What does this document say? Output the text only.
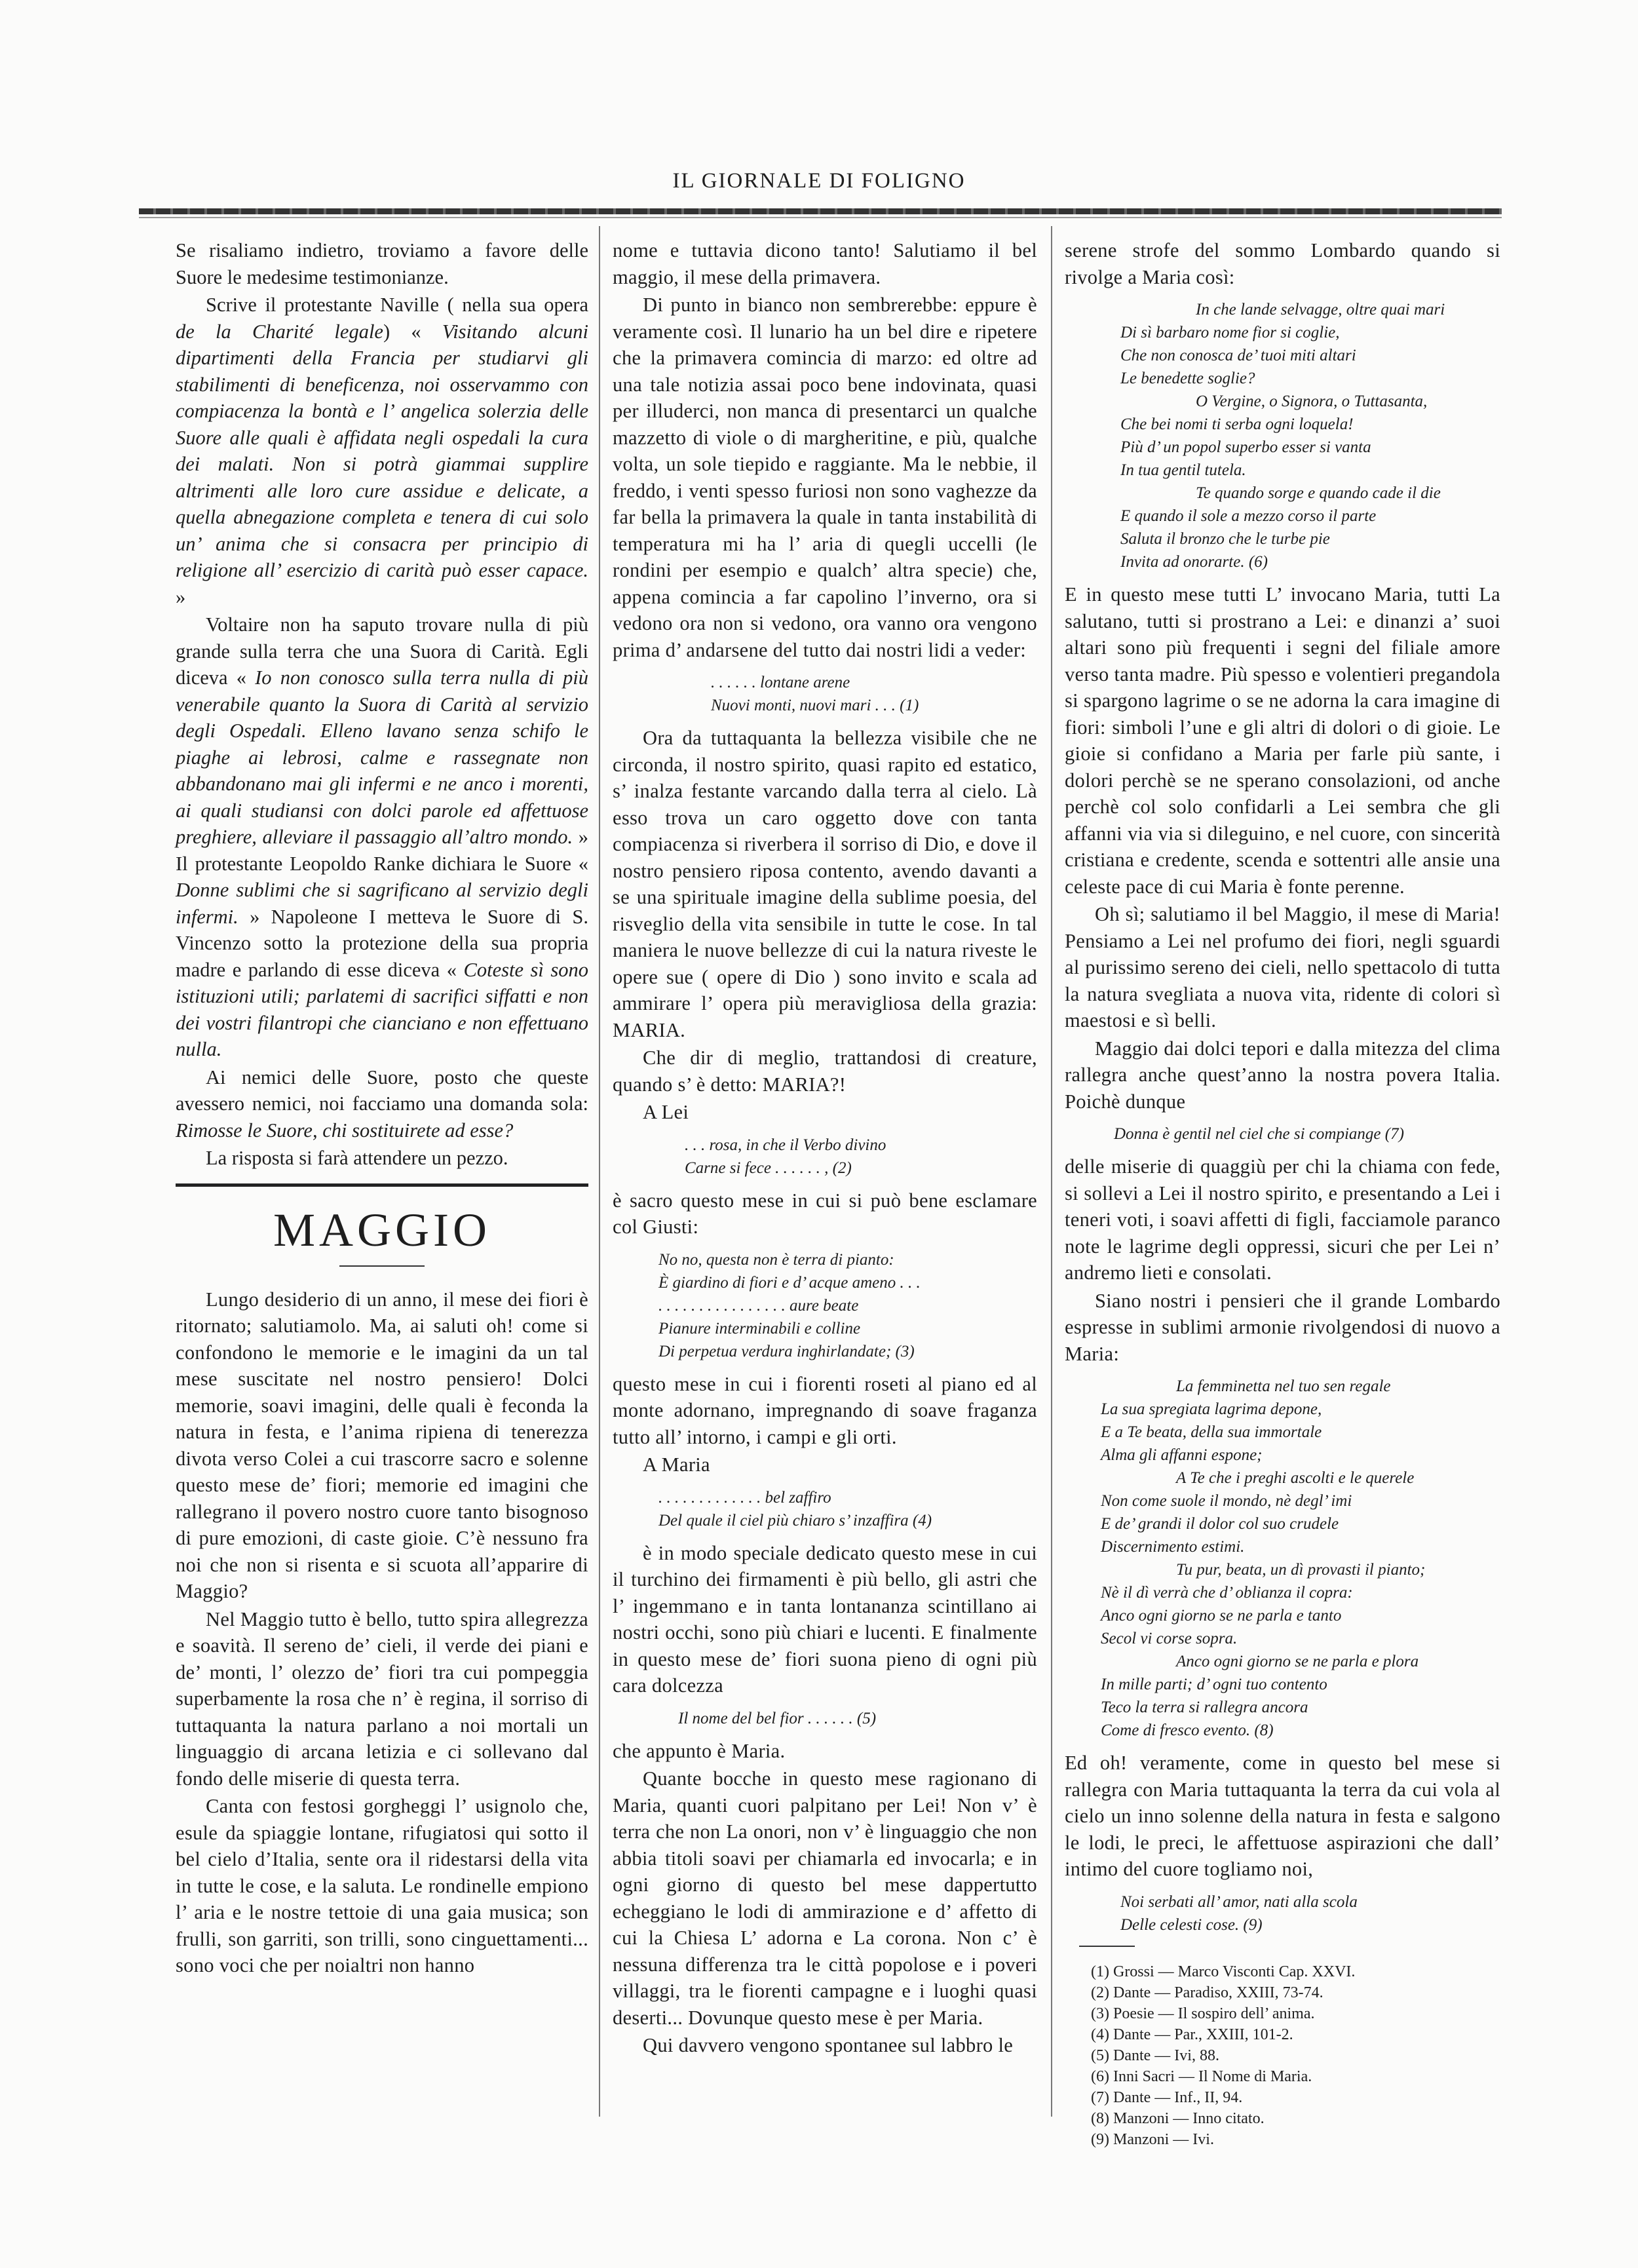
IL GIORNALE DI FOLIGNO

Se risaliamo indietro, troviamo a favore delle Suore le medesime testimonianze.

Scrive il protestante Naville ( nella sua opera de la Charité legale) « Visitando alcuni dipartimenti della Francia per studiarvi gli stabilimenti di beneficenza, noi osservammo con compiacenza la bontà e l’ angelica solerzia delle Suore alle quali è affidata negli ospedali la cura dei malati. Non si potrà giammai supplire altrimenti alle loro cure assidue e delicate, a quella abnegazione completa e tenera di cui solo un’ anima che si consacra per principio di religione all’ esercizio di carità può esser capace. »

Voltaire non ha saputo trovare nulla di più grande sulla terra che una Suora di Carità. Egli diceva « Io non conosco sulla terra nulla di più venerabile quanto la Suora di Carità al servizio degli Ospedali. Elleno lavano senza schifo le piaghe ai lebrosi, calme e rassegnate non abbandonano mai gli infermi e ne anco i morenti, ai quali studiansi con dolci parole ed affettuose preghiere, alleviare il passaggio all’altro mondo. » Il protestante Leopoldo Ranke dichiara le Suore « Donne sublimi che si sagrificano al servizio degli infermi. » Napoleone I metteva le Suore di S. Vincenzo sotto la protezione della sua propria madre e parlando di esse diceva « Coteste sì sono istituzioni utili; parlatemi di sacrifici siffatti e non dei vostri filantropi che cianciano e non effettuano nulla.

Ai nemici delle Suore, posto che queste avessero nemici, noi facciamo una domanda sola: Rimosse le Suore, chi sostituirete ad esse?

La risposta si farà attendere un pezzo.

MAGGIO

Lungo desiderio di un anno, il mese dei fiori è ritornato; salutiamolo. Ma, ai saluti oh! come si confondono le memorie e le imagini da un tal mese suscitate nel nostro pensiero! Dolci memorie, soavi imagini, delle quali è feconda la natura in festa, e l’anima ripiena di tenerezza divota verso Colei a cui trascorre sacro e solenne questo mese de’ fiori; memorie ed imagini che rallegrano il povero nostro cuore tanto bisognoso di pure emozioni, di caste gioie. C’è nessuno fra noi che non si risenta e si scuota all’apparire di Maggio?

Nel Maggio tutto è bello, tutto spira allegrezza e soavità. Il sereno de’ cieli, il verde dei piani e de’ monti, l’ olezzo de’ fiori tra cui pompeggia superbamente la rosa che n’ è regina, il sorriso di tuttaquanta la natura parlano a noi mortali un linguaggio di arcana letizia e ci sollevano dal fondo delle miserie di questa terra.

Canta con festosi gorgheggi l’ usignolo che, esule da spiaggie lontane, rifugiatosi qui sotto il bel cielo d’Italia, sente ora il ridestarsi della vita in tutte le cose, e la saluta. Le rondinelle empiono l’ aria e le nostre tettoie di una gaia musica; son frulli, son garriti, son trilli, sono cinguettamenti... sono voci che per noialtri non hanno

nome e tuttavia dicono tanto! Salutiamo il bel maggio, il mese della primavera.

Di punto in bianco non sembrerebbe: eppure è veramente così. Il lunario ha un bel dire e ripetere che la primavera comincia di marzo: ed oltre ad una tale notizia assai poco bene indovinata, quasi per illuderci, non manca di presentarci un qualche mazzetto di viole o di margheritine, e più, qualche volta, un sole tiepido e raggiante. Ma le nebbie, il freddo, i venti spesso furiosi non sono vaghezze da far bella la primavera la quale in tanta instabilità di temperatura mi ha l’ aria di quegli uccelli (le rondini per esempio e qualch’ altra specie) che, appena comincia a far capolino l’inverno, ora si vedono ora non si vedono, ora vanno ora vengono prima d’ andarsene del tutto dai nostri lidi a veder:

. . . . . . lontane arene
Nuovi monti, nuovi mari . . . (1)

Ora da tuttaquanta la bellezza visibile che ne circonda, il nostro spirito, quasi rapito ed estatico, s’ inalza festante varcando dalla terra al cielo. Là esso trova un caro oggetto dove con tanta compiacenza si riverbera il sorriso di Dio, e dove il nostro pensiero riposa contento, avendo davanti a se una spirituale imagine della sublime poesia, del risveglio della vita sensibile in tutte le cose. In tal maniera le nuove bellezze di cui la natura riveste le opere sue ( opere di Dio ) sono invito e scala ad ammirare l’ opera più meravigliosa della grazia: MARIA.

Che dir di meglio, trattandosi di creature, quando s’ è detto: MARIA?!

A Lei

. . . rosa, in che il Verbo divino
Carne si fece . . . . . . , (2)

è sacro questo mese in cui si può bene esclamare col Giusti:

No no, questa non è terra di pianto:
È giardino di fiori e d’ acque ameno . . .
. . . . . . . . . . . . . . . . aure beate
Pianure interminabili e colline
Di perpetua verdura inghirlandate; (3)

questo mese in cui i fiorenti roseti al piano ed al monte adornano, impregnando di soave fraganza tutto all’ intorno, i campi e gli orti.

A Maria

. . . . . . . . . . . . . bel zaffiro
Del quale il ciel più chiaro s’ inzaffira (4)

è in modo speciale dedicato questo mese in cui il turchino dei firmamenti è più bello, gli astri che l’ ingemmano e in tanta lontananza scintillano ai nostri occhi, sono più chiari e lucenti. E finalmente in questo mese de’ fiori suona pieno di ogni più cara dolcezza

Il nome del bel fior . . . . . . (5)

che appunto è Maria.

Quante bocche in questo mese ragionano di Maria, quanti cuori palpitano per Lei! Non v’ è terra che non La onori, non v’ è linguaggio che non abbia titoli soavi per chiamarla ed invocarla; e in ogni giorno di questo bel mese dappertutto echeggiano le lodi di ammirazione e d’ affetto di cui la Chiesa L’ adorna e La corona. Non c’ è nessuna differenza tra le città popolose e i poveri villaggi, tra le fiorenti campagne e i luoghi quasi deserti... Dovunque questo mese è per Maria.

Qui davvero vengono spontanee sul labbro le

serene strofe del sommo Lombardo quando si rivolge a Maria così:

In che lande selvagge, oltre quai mari
Di sì barbaro nome fior si coglie,
Che non conosca de’ tuoi miti altari
Le benedette soglie?
O Vergine, o Signora, o Tuttasanta,
Che bei nomi ti serba ogni loquela!
Più d’ un popol superbo esser si vanta
In tua gentil tutela.
Te quando sorge e quando cade il die
E quando il sole a mezzo corso il parte
Saluta il bronzo che le turbe pie
Invita ad onorarte. (6)

E in questo mese tutti L’ invocano Maria, tutti La salutano, tutti si prostrano a Lei: e dinanzi a’ suoi altari sono più frequenti i segni del filiale amore verso tanta madre. Più spesso e volentieri pregandola si spargono lagrime o se ne adorna la cara imagine di fiori: simboli l’une e gli altri di dolori o di gioie. Le gioie si confidano a Maria per farle più sante, i dolori perchè se ne sperano consolazioni, od anche perchè col solo confidarli a Lei sembra che gli affanni via via si dileguino, e nel cuore, con sincerità cristiana e credente, scenda e sottentri alle ansie una celeste pace di cui Maria è fonte perenne.

Oh sì; salutiamo il bel Maggio, il mese di Maria! Pensiamo a Lei nel profumo dei fiori, negli sguardi al purissimo sereno dei cieli, nello spettacolo di tutta la natura svegliata a nuova vita, ridente di colori sì maestosi e sì belli.

Maggio dai dolci tepori e dalla mitezza del clima rallegra anche quest’anno la nostra povera Italia. Poichè dunque

Donna è gentil nel ciel che si compiange (7)

delle miserie di quaggiù per chi la chiama con fede, si sollevi a Lei il nostro spirito, e presentando a Lei i teneri voti, i soavi affetti di figli, facciamole paranco note le lagrime degli oppressi, sicuri che per Lei n’ andremo lieti e consolati.

Siano nostri i pensieri che il grande Lombardo espresse in sublimi armonie rivolgendosi di nuovo a Maria:

La femminetta nel tuo sen regale
La sua spregiata lagrima depone,
E a Te beata, della sua immortale
Alma gli affanni espone;
A Te che i preghi ascolti e le querele
Non come suole il mondo, nè degl’ imi
E de’ grandi il dolor col suo crudele
Discernimento estimi.
Tu pur, beata, un dì provasti il pianto;
Nè il dì verrà che d’ oblianza il copra:
Anco ogni giorno se ne parla e tanto
Secol vi corse sopra.
Anco ogni giorno se ne parla e plora
In mille parti; d’ ogni tuo contento
Teco la terra si rallegra ancora
Come di fresco evento. (8)

Ed oh! veramente, come in questo bel mese si rallegra con Maria tuttaquanta la terra da cui vola al cielo un inno solenne della natura in festa e salgono le lodi, le preci, le affettuose aspirazioni che dall’ intimo del cuore togliamo noi,

Noi serbati all’ amor, nati alla scola
Delle celesti cose. (9)
(1) Grossi — Marco Visconti Cap. XXVI.
(2) Dante — Paradiso, XXIII, 73-74.
(3) Poesie — Il sospiro dell’ anima.
(4) Dante — Par., XXIII, 101-2.
(5) Dante — Ivi, 88.
(6) Inni Sacri — Il Nome di Maria.
(7) Dante — Inf., II, 94.
(8) Manzoni — Inno citato.
(9) Manzoni — Ivi.
